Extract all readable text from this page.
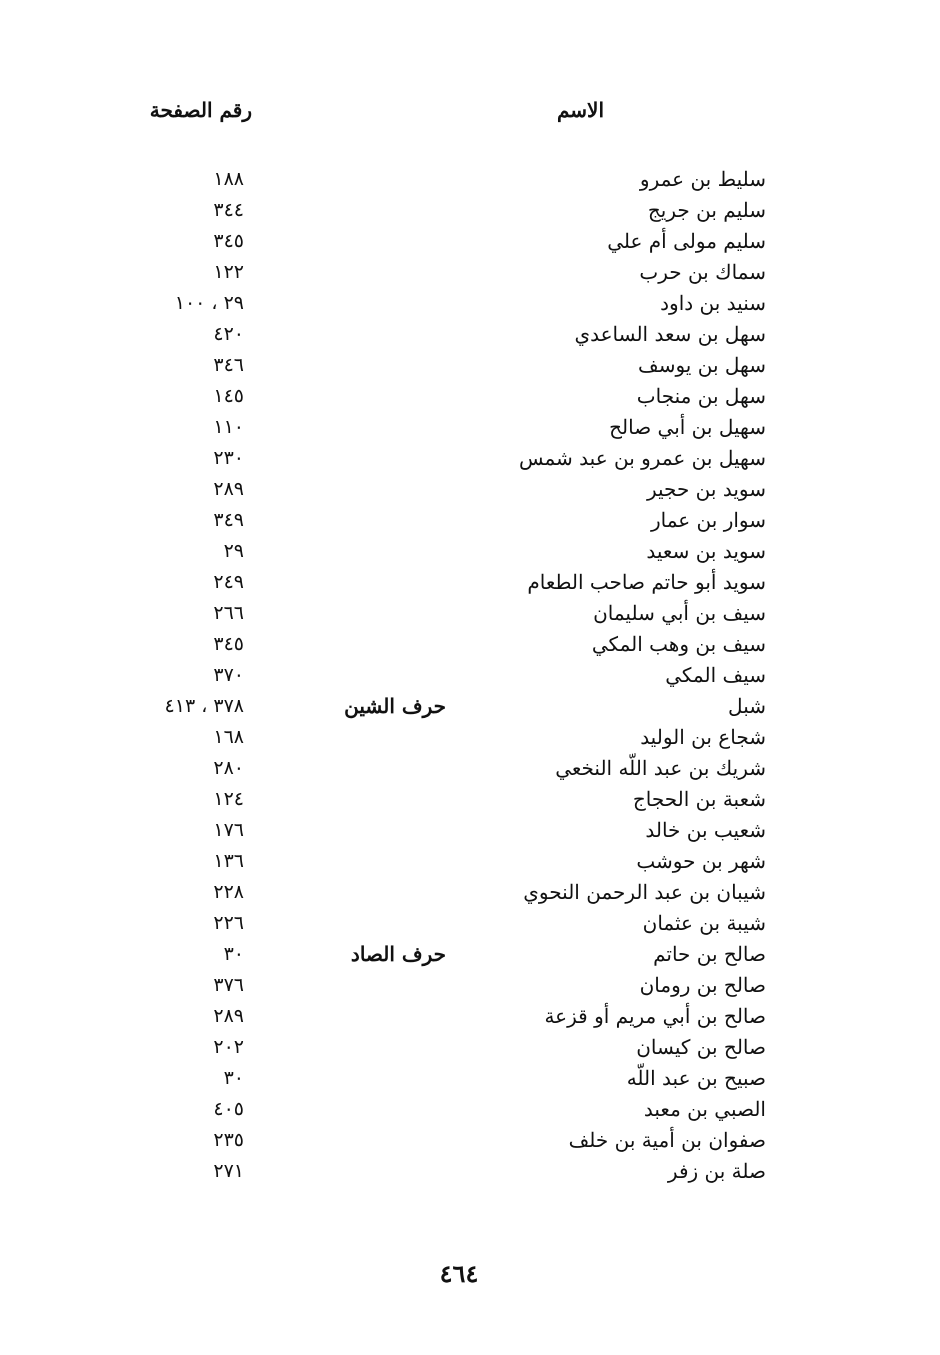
الاسم
رقم الصفحة
سليط بن عمرو
١٨٨
سليم بن جريج
٣٤٤
سليم مولى أم علي
٣٤٥
سماك بن حرب
١٢٢
سنيد بن داود
٢٩ ، ١٠٠
سهل بن سعد الساعدي
٤٢٠
سهل بن يوسف
٣٤٦
سهل بن منجاب
١٤٥
سهيل بن أبي صالح
١١٠
سهيل بن عمرو بن عبد شمس
٢٣٠
سويد بن حجير
٢٨٩
سوار بن عمار
٣٤٩
سويد بن سعيد
٢٩
سويد أبو حاتم صاحب الطعام
٢٤٩
سيف بن أبي سليمان
٢٦٦
سيف بن وهب المكي
٣٤٥
سيف المكي
٣٧٠
شبل
حرف الشين
٣٧٨ ، ٤١٣
شجاع بن الوليد
١٦٨
شريك بن عبد اللّه النخعي
٢٨٠
شعبة بن الحجاج
١٢٤
شعيب بن خالد
١٧٦
شهر بن حوشب
١٣٦
شيبان بن عبد الرحمن النحوي
٢٢٨
شيبة بن عثمان
٢٢٦
صالح بن حاتم
حرف الصاد
٣٠
صالح بن رومان
٣٧٦
صالح بن أبي مريم أو قزعة
٢٨٩
صالح بن كيسان
٢٠٢
صبيح بن عبد اللّه
٣٠
الصبي بن معبد
٤٠٥
صفوان بن أمية بن خلف
٢٣٥
صلة بن زفر
٢٧١
٤٦٤
